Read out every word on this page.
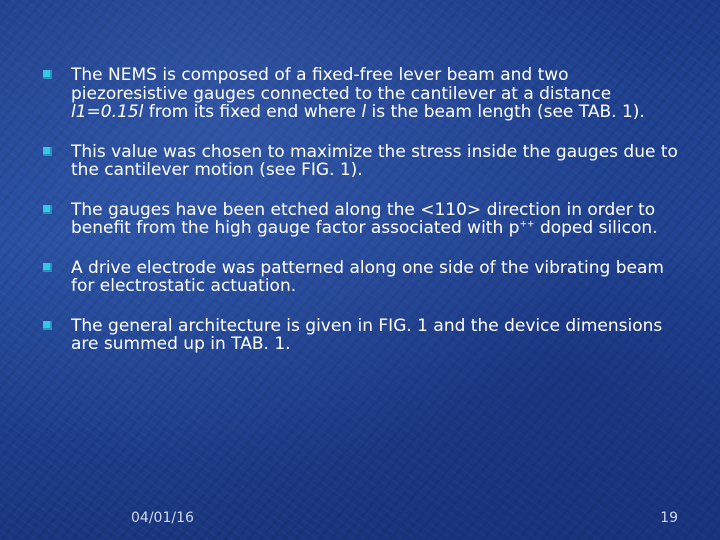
The NEMS is composed of a fixed-free lever beam and two piezoresistive gauges connected to the cantilever at a distance l1=0.15l from its fixed end where l is the beam length (see TAB. 1).
This value was chosen to maximize the stress inside the gauges due to the cantilever motion (see FIG. 1).
The gauges have been etched along the <110> direction in order to benefit from the high gauge factor associated with p++ doped silicon.
A drive electrode was patterned along one side of the vibrating beam for electrostatic actuation.
The general architecture is given in FIG. 1 and the device dimensions are summed up in TAB. 1.
04/01/16	19
